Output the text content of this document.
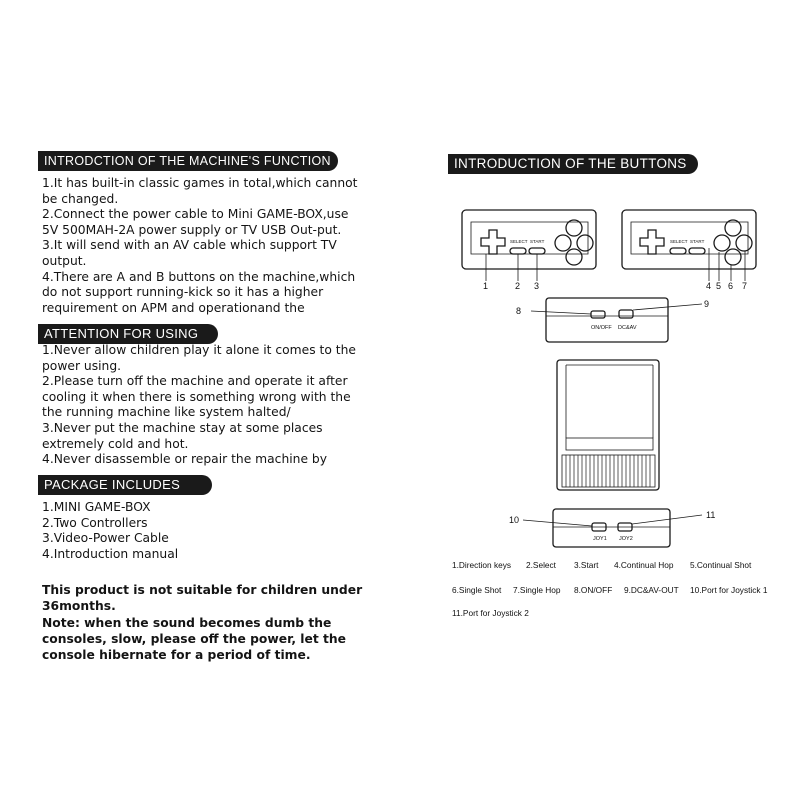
INTRODCTION OF THE MACHINE'S FUNCTION
1.It has built-in classic games in total,which cannot
be changed.
2.Connect the power cable to Mini GAME-BOX,use
5V 500MAH-2A power supply or TV USB Out-put.
3.It will send with an AV cable which support TV
output.
4.There are A and B buttons on the machine,which
do not support running-kick so it has a higher
requirement on APM and operationand the
ATTENTION FOR USING
1.Never allow children play it alone it comes to the
power using.
2.Please turn off the machine and operate it after
cooling it when there is something wrong with the
the running machine like system halted/
3.Never put the machine stay at some places
extremely cold and hot.
4.Never disassemble or repair the machine by
PACKAGE INCLUDES
1.MINI GAME-BOX
2.Two Controllers
3.Video-Power Cable
4.Introduction manual
This product is not suitable for children under
36months.
Note: when the sound becomes dumb the
consoles, slow, please off the power, let the
console hibernate for a period of time.
INTRODUCTION OF THE BUTTONS
SELECT START	SELECT START
ON/OFF DC&AV
JOY1 JOY2
1	2 3	4 5 6 7
8
9
10	11
1.Direction keys 2.Select 3.Start 4.Continual Hop 5.Continual Shot
6.Single Shot 7.Single Hop 8.ON/OFF 9.DC&AV-OUT 10.Port for Joystick 1
11.Port for Joystick 2
